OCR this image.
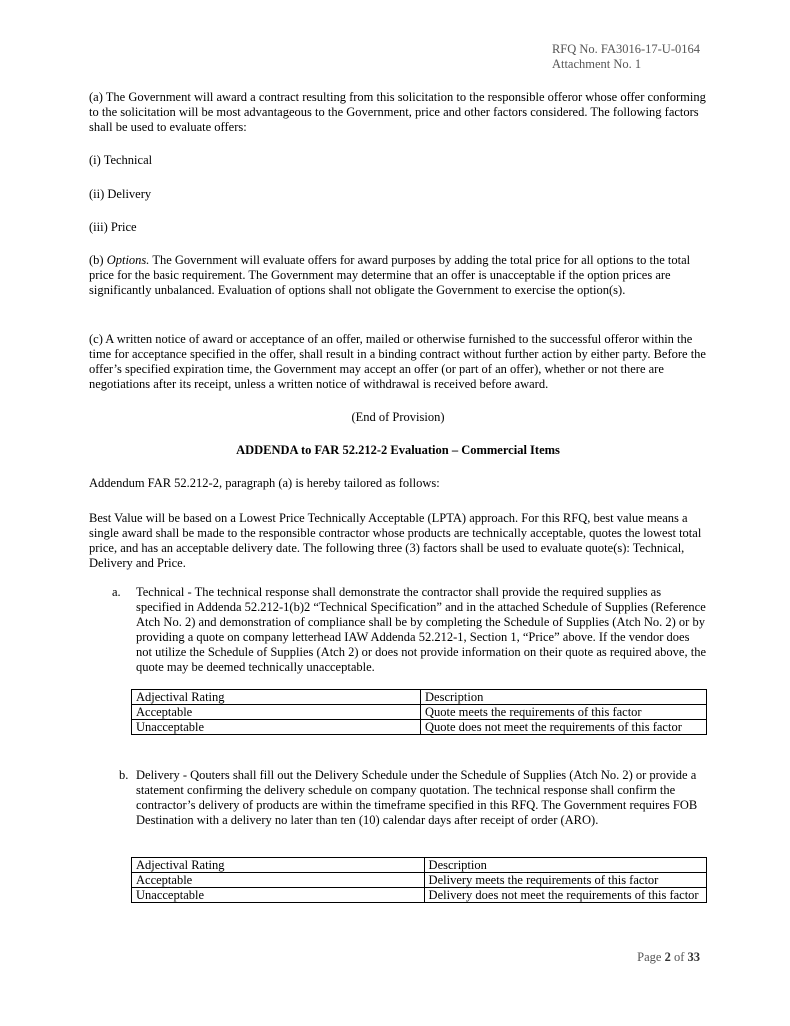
RFQ No. FA3016-17-U-0164
Attachment No. 1

(a) The Government will award a contract resulting from this solicitation to the responsible offeror whose offer conforming to the solicitation will be most advantageous to the Government, price and other factors considered. The following factors shall be used to evaluate offers:

(i) Technical

(ii) Delivery

(iii) Price

(b) Options. The Government will evaluate offers for award purposes by adding the total price for all options to the total price for the basic requirement. The Government may determine that an offer is unacceptable if the option prices are significantly unbalanced. Evaluation of options shall not obligate the Government to exercise the option(s).

(c) A written notice of award or acceptance of an offer, mailed or otherwise furnished to the successful offeror within the time for acceptance specified in the offer, shall result in a binding contract without further action by either party. Before the offer’s specified expiration time, the Government may accept an offer (or part of an offer), whether or not there are negotiations after its receipt, unless a written notice of withdrawal is received before award.

(End of Provision)

ADDENDA to FAR 52.212-2 Evaluation – Commercial Items

Addendum FAR 52.212-2, paragraph (a) is hereby tailored as follows:

Best Value will be based on a Lowest Price Technically Acceptable (LPTA) approach. For this RFQ, best value means a single award shall be made to the responsible contractor whose products are technically acceptable, quotes the lowest total price, and has an acceptable delivery date. The following three (3) factors shall be used to evaluate quote(s): Technical, Delivery and Price.

a. Technical - The technical response shall demonstrate the contractor shall provide the required supplies as specified in Addenda 52.212-1(b)2 “Technical Specification” and in the attached Schedule of Supplies (Reference Atch No. 2) and demonstration of compliance shall be by completing the Schedule of Supplies (Atch No. 2) or by providing a quote on company letterhead IAW Addenda 52.212-1, Section 1, “Price” above. If the vendor does not utilize the Schedule of Supplies (Atch 2) or does not provide information on their quote as required above, the quote may be deemed technically unacceptable.

Adjectival Rating	Description
Acceptable	Quote meets the requirements of this factor
Unacceptable	Quote does not meet the requirements of this factor
b. Delivery - Qouters shall fill out the Delivery Schedule under the Schedule of Supplies (Atch No. 2) or provide a statement confirming the delivery schedule on company quotation. The technical response shall confirm the contractor’s delivery of products are within the timeframe specified in this RFQ. The Government requires FOB Destination with a delivery no later than ten (10) calendar days after receipt of order (ARO).

Adjectival Rating	Description
Acceptable	Delivery meets the requirements of this factor
Unacceptable	Delivery does not meet the requirements of this factor
Page 2 of 33
